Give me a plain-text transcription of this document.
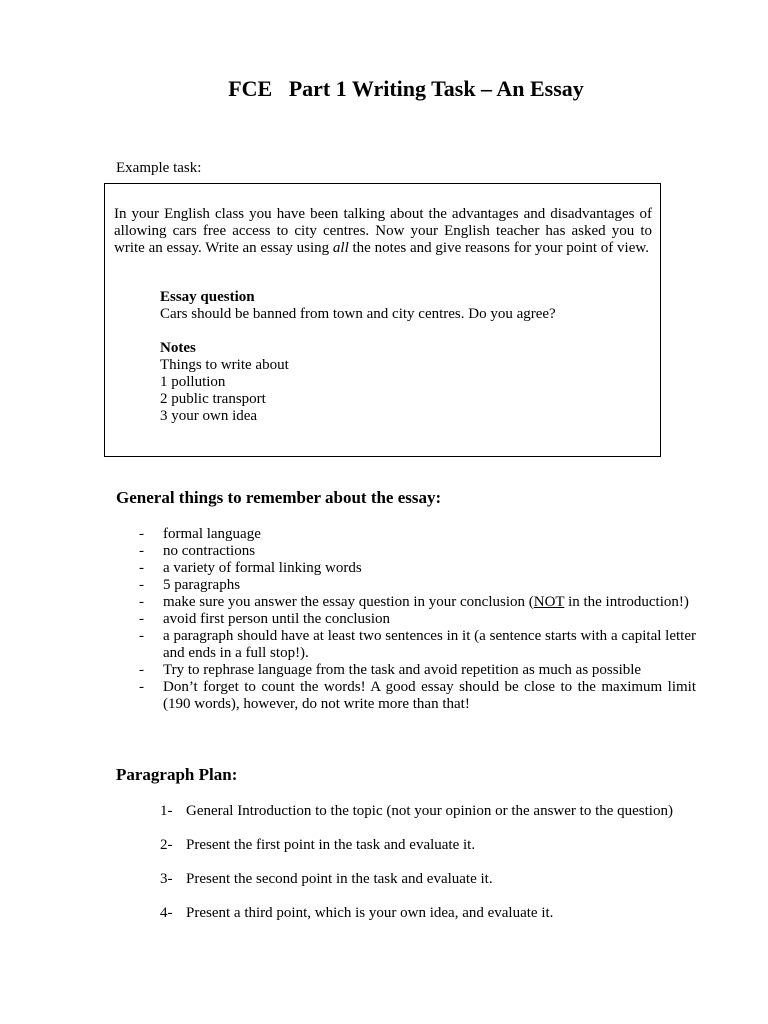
FCE   Part 1 Writing Task – An Essay
Example task:

In your English class you have been talking about the advantages and disadvantages of allowing cars free access to city centres. Now your English teacher has asked you to write an essay. Write an essay using all the notes and give reasons for your point of view.

Essay question
Cars should be banned from town and city centres. Do you agree?
Notes
Things to write about
1 pollution
2 public transport
3 your own idea
General things to remember about the essay:
- formal language
- no contractions
- a variety of formal linking words
- 5 paragraphs
- make sure you answer the essay question in your conclusion (NOT in the introduction!)
- avoid first person until the conclusion
- a paragraph should have at least two sentences in it (a sentence starts with a capital letter and ends in a full stop!).
- Try to rephrase language from the task and avoid repetition as much as possible
- Don’t forget to count the words! A good essay should be close to the maximum limit (190 words), however, do not write more than that!
Paragraph Plan:
1- General Introduction to the topic (not your opinion or the answer to the question)
2- Present the first point in the task and evaluate it.
3- Present the second point in the task and evaluate it.
4- Present a third point, which is your own idea, and evaluate it.
